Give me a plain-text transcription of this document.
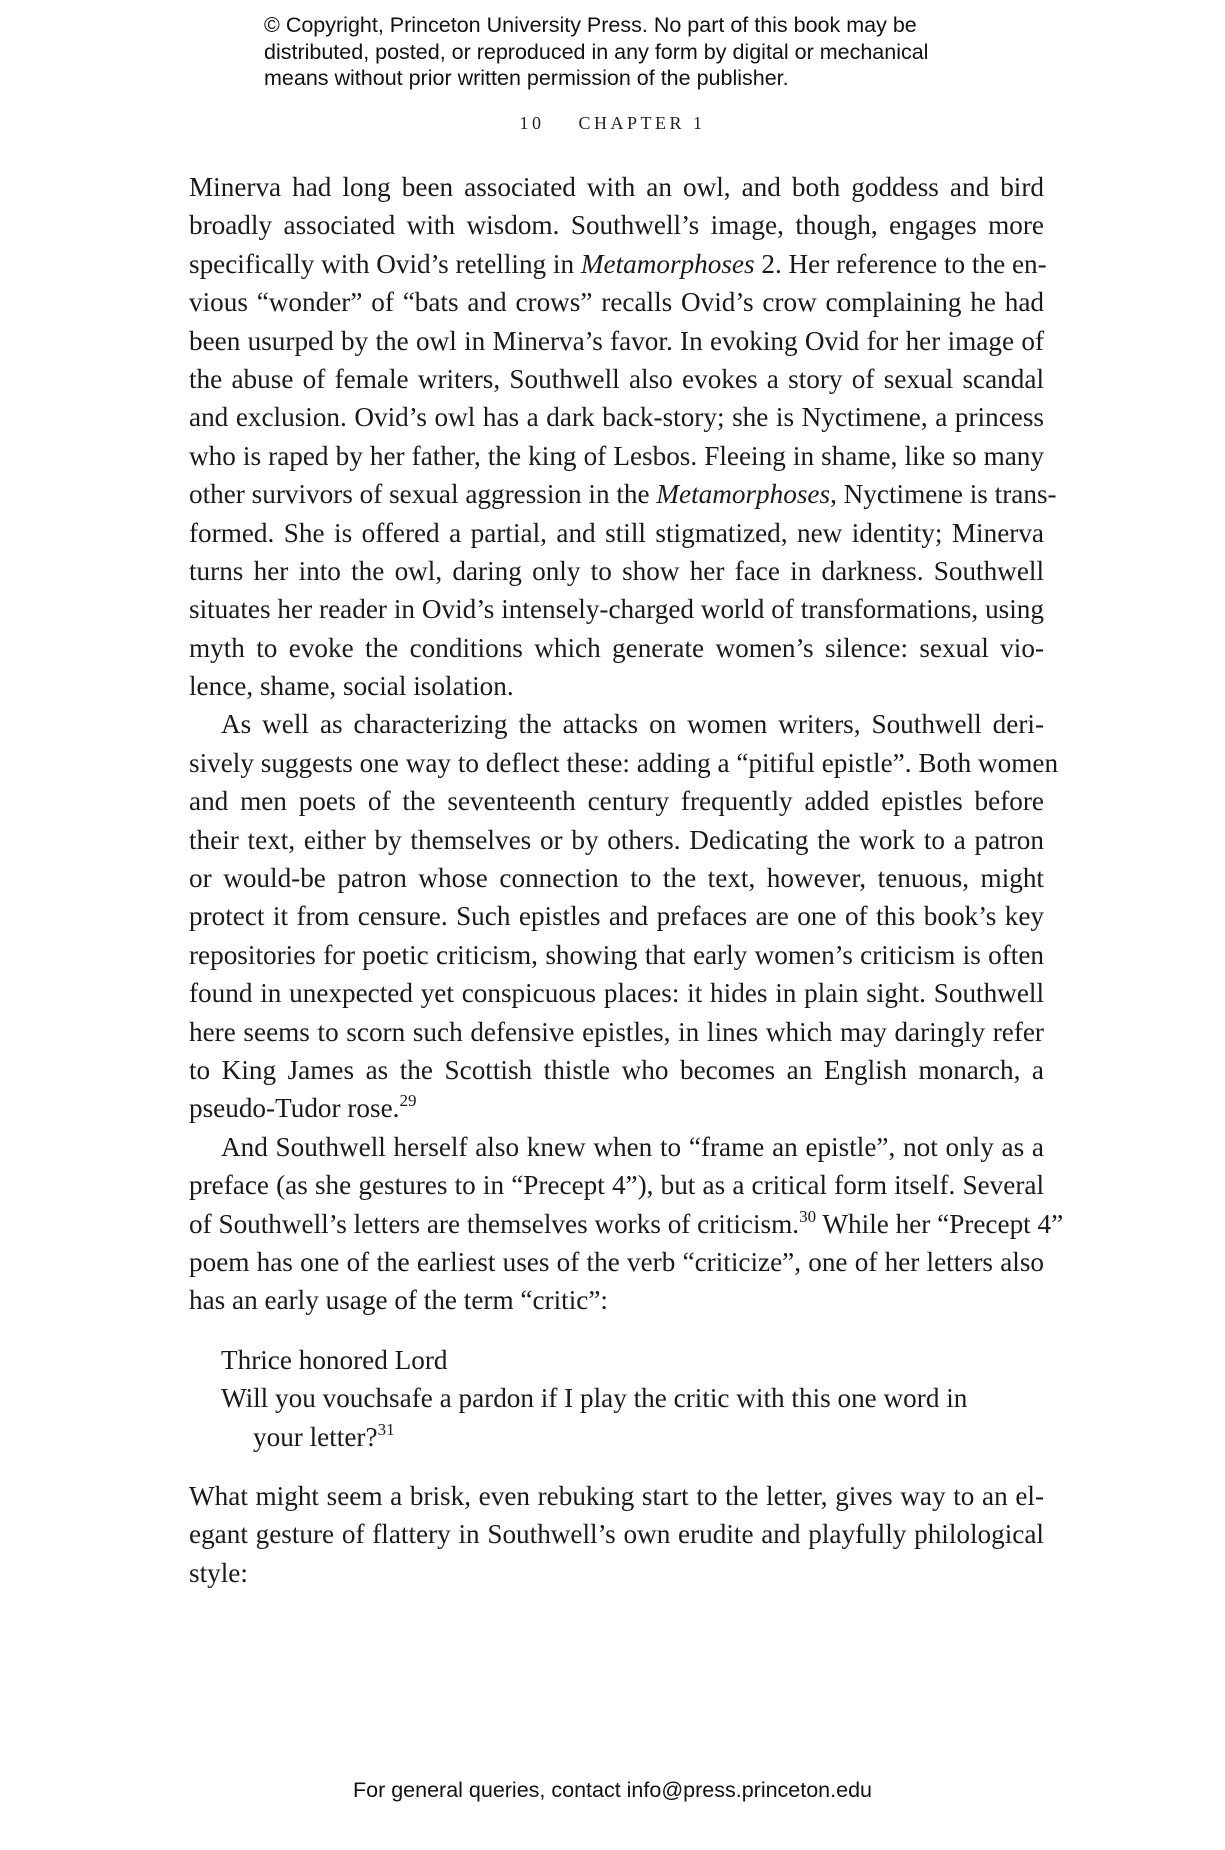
© Copyright, Princeton University Press. No part of this book may be
distributed, posted, or reproduced in any form by digital or mechanical
means without prior written permission of the publisher.
10 CHAPTER 1
Minerva had long been associated with an owl, and both goddess and bird
broadly associated with wisdom. Southwell’s image, though, engages more
specifically with Ovid’s retelling in Metamorphoses 2. Her reference to the en-
vious “wonder” of “bats and crows” recalls Ovid’s crow complaining he had
been usurped by the owl in Minerva’s favor. In evoking Ovid for her image of
the abuse of female writers, Southwell also evokes a story of sexual scandal
and exclusion. Ovid’s owl has a dark back-story; she is Nyctimene, a princess
who is raped by her father, the king of Lesbos. Fleeing in shame, like so many
other survivors of sexual aggression in the Metamorphoses, Nyctimene is trans-
formed. She is offered a partial, and still stigmatized, new identity; Minerva
turns her into the owl, daring only to show her face in darkness. Southwell
situates her reader in Ovid’s intensely-charged world of transformations, using
myth to evoke the conditions which generate women’s silence: sexual vio-
lence, shame, social isolation.
As well as characterizing the attacks on women writers, Southwell deri-
sively suggests one way to deflect these: adding a “pitiful epistle”. Both women
and men poets of the seventeenth century frequently added epistles before
their text, either by themselves or by others. Dedicating the work to a patron
or would-be patron whose connection to the text, however, tenuous, might
protect it from censure. Such epistles and prefaces are one of this book’s key
repositories for poetic criticism, showing that early women’s criticism is often
found in unexpected yet conspicuous places: it hides in plain sight. Southwell
here seems to scorn such defensive epistles, in lines which may daringly refer
to King James as the Scottish thistle who becomes an English monarch, a
pseudo-Tudor rose.$^{29}$
And Southwell herself also knew when to “frame an epistle”, not only as a
preface (as she gestures to in “Precept 4”), but as a critical form itself. Several
of Southwell’s letters are themselves works of criticism.$^{30}$ While her “Precept 4”
poem has one of the earliest uses of the verb “criticize”, one of her letters also
has an early usage of the term “critic”:
Thrice honored Lord
Will you vouchsafe a pardon if I play the critic with this one word in
your letter?$^{31}$
What might seem a brisk, even rebuking start to the letter, gives way to an el-
egant gesture of flattery in Southwell’s own erudite and playfully philological
style:
For general queries, contact info@press.princeton.edu
